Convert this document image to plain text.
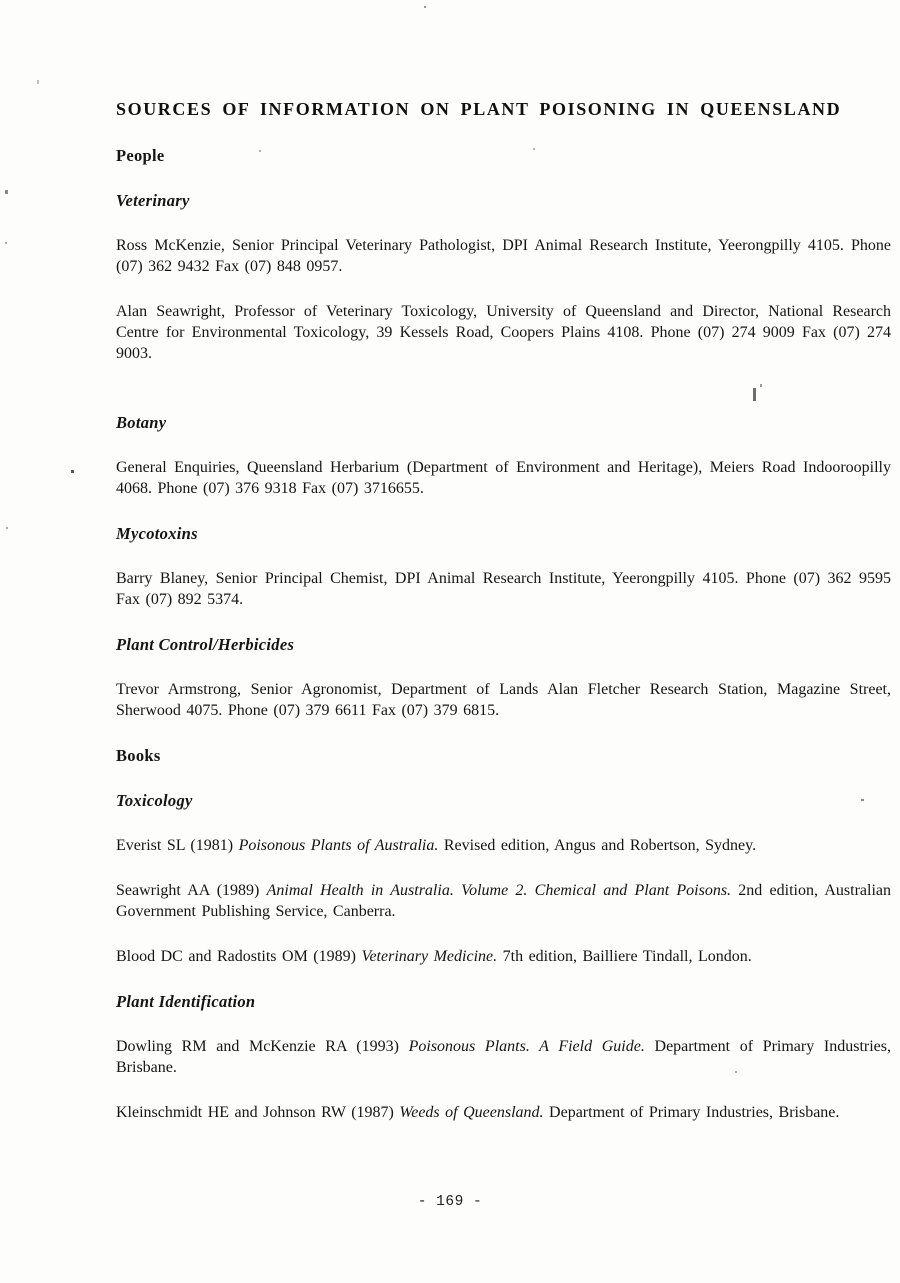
SOURCES OF INFORMATION ON PLANT POISONING IN QUEENSLAND
People
Veterinary

Ross McKenzie, Senior Principal Veterinary Pathologist, DPI Animal Research Institute, Yeerongpilly 4105. Phone (07) 362 9432 Fax (07) 848 0957.

Alan Seawright, Professor of Veterinary Toxicology, University of Queensland and Director, National Research Centre for Environmental Toxicology, 39 Kessels Road, Coopers Plains 4108. Phone (07) 274 9009 Fax (07) 274 9003.

Botany

General Enquiries, Queensland Herbarium (Department of Environment and Heritage), Meiers Road Indooroopilly 4068. Phone (07) 376 9318 Fax (07) 3716655.

Mycotoxins

Barry Blaney, Senior Principal Chemist, DPI Animal Research Institute, Yeerongpilly 4105. Phone (07) 362 9595 Fax (07) 892 5374.

Plant Control/Herbicides

Trevor Armstrong, Senior Agronomist, Department of Lands Alan Fletcher Research Station, Magazine Street, Sherwood 4075. Phone (07) 379 6611 Fax (07) 379 6815.

Books
Toxicology

Everist SL (1981) Poisonous Plants of Australia. Revised edition, Angus and Robertson, Sydney.

Seawright AA (1989) Animal Health in Australia. Volume 2. Chemical and Plant Poisons. 2nd edition, Australian Government Publishing Service, Canberra.

Blood DC and Radostits OM (1989) Veterinary Medicine. 7th edition, Bailliere Tindall, London.

Plant Identification

Dowling RM and McKenzie RA (1993) Poisonous Plants. A Field Guide. Department of Primary Industries, Brisbane.

Kleinschmidt HE and Johnson RW (1987) Weeds of Queensland. Department of Primary Industries, Brisbane.

- 169 -
